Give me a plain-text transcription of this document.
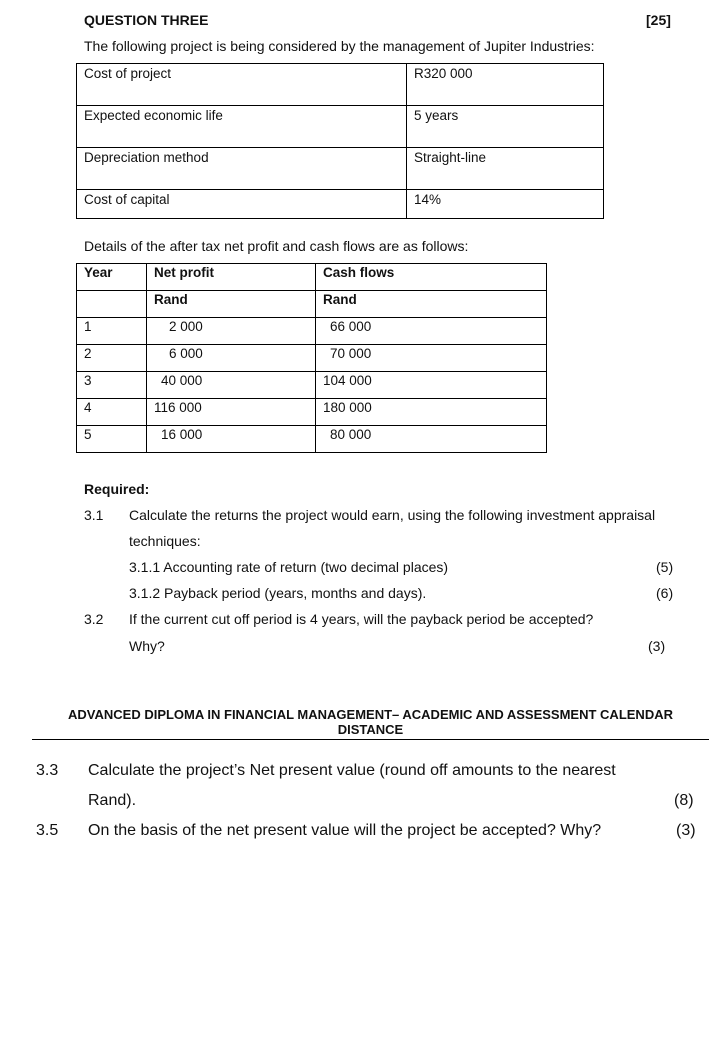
QUESTION THREE	[25]
The following project is being considered by the management of Jupiter Industries:
Cost of project	R320 000
Expected economic life	5 years
Depreciation method	Straight-line
Cost of capital	14%
Details of the after tax net profit and cash flows are as follows:
Year	Net profit	Cash flows
	Rand	Rand
1	2 000	66 000
2	6 000	70 000
3	40 000	104 000
4	116 000	180 000
5	16 000	80 000
Required:
3.1 Calculate the returns the project would earn, using the following investment appraisal
techniques:
3.1.1 Accounting rate of return (two decimal places)	(5)
3.1.2 Payback period (years, months and days).	(6)
3.2 If the current cut off period is 4 years, will the payback period be accepted?
Why?	(3)
ADVANCED DIPLOMA IN FINANCIAL MANAGEMENT– ACADEMIC AND ASSESSMENT CALENDAR
DISTANCE
3.3 Calculate the project’s Net present value (round off amounts to the nearest
Rand).	(8)
3.5 On the basis of the net present value will the project be accepted? Why?	(3)
